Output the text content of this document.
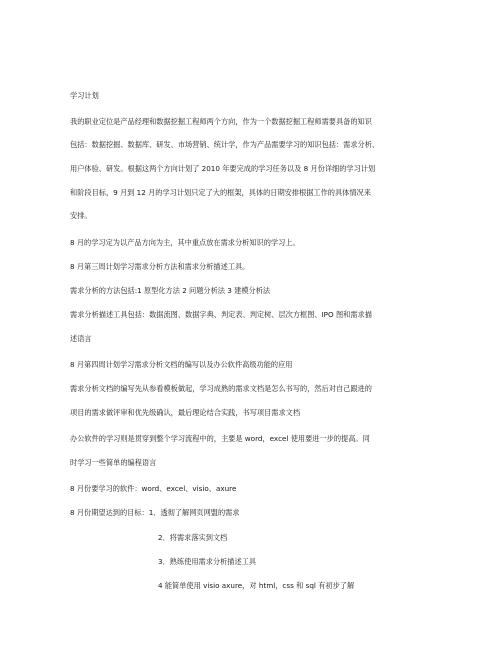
学习计划
我的职业定位是产品经理和数据挖掘工程师两个方向，作为一个数据挖掘工程师需要具备的知识
包括：数据挖掘、数据库、研发、市场营销、统计学，作为产品需要学习的知识包括：需求分析、
用户体验、研发。根据这两个方向计划了 2010 年要完成的学习任务以及 8 月份详细的学习计划
和阶段目标，9 月到 12 月的学习计划只定了大的框架，具体的日期安排根据工作的具体情况来
安排。
8 月的学习定为以产品方向为主，其中重点放在需求分析知识的学习上。
8 月第三周计划学习需求分析方法和需求分析描述工具。
需求分析的方法包括:1 原型化方法 2 问题分析法 3 建模分析法
需求分析描述工具包括：数据流图、数据字典、判定表、判定树、层次方框图、IPO 图和需求描
述语言
8 月第四周计划学习需求分析文档的编写以及办公软件高级功能的应用
需求分析文档的编写先从参看模板做起，学习成熟的需求文档是怎么书写的，然后对自己跟进的
项目的需求做评审和优先级确认，最后理论结合实践，书写项目需求文档
办公软件的学习则是贯穿到整个学习流程中的，主要是 word，excel 使用要进一步的提高。同
时学习一些简单的编程语言
8 月份要学习的软件：word、excel、visio、axure
8 月份期望达到的目标：1．透彻了解网页网盟的需求
2．将需求落实到文档
3．熟练使用需求分析描述工具
4 能简单使用 visio axure，对 html，css 和 sql 有初步了解
